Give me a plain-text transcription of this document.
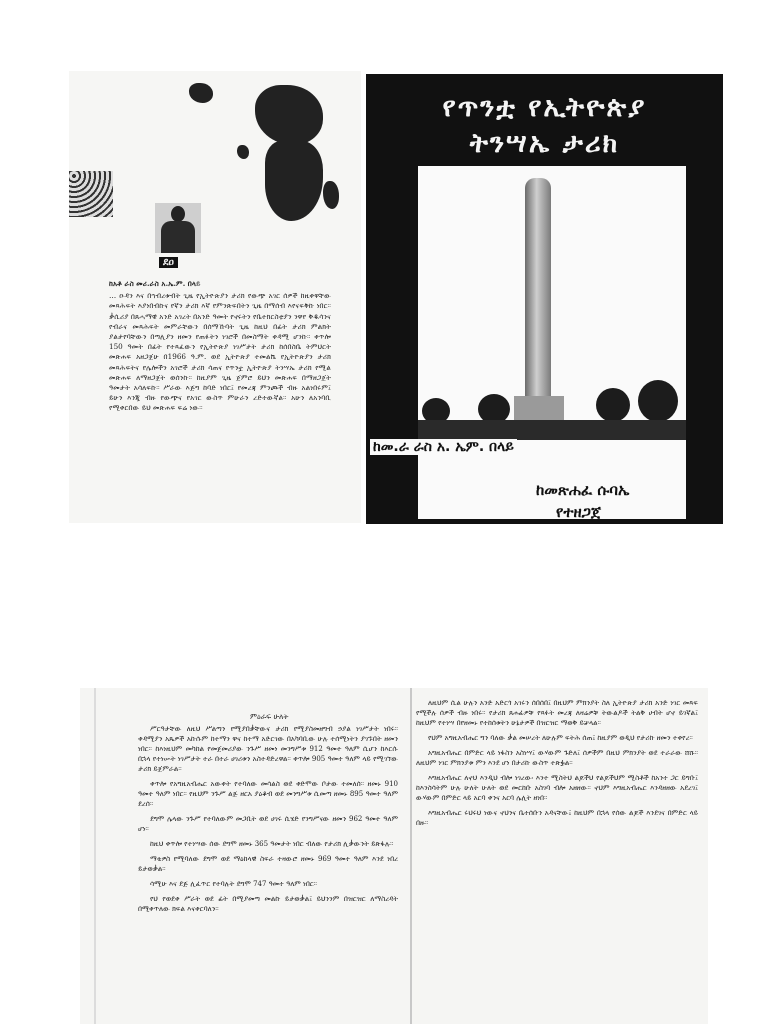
ደዐ

ከአቶ ራስ መሪ.ራስ አ.ኤ.ም. በላይ

… ዑዳን እና በኀብረቱብት ጊዜ የኢትዮጵያን ታሪክ የውጭ አገር ሰዎች ከዚቀዋቸው መጻሕፍት እያነበብኩና የኛን ታሪክ እኛ የምንጽፍበትን ጊዜ በማሰብ እየናፍቅኩ ነበር። ቃሲሪያ በጸሓማዊ አንድ አገረት በአንድ ዓመት የኖሩትን የቤተክርስቲያን ንዋየ ቅዱሳንና የብራና መጻሕፍት መምራቸውን በሰማኹባት ጊዜ ከዚህ በፊት ታሪክ ምልክት ያልታየባቸውን በጣሊያን ዘመን የጠፉትን ነገሮች በመስማት ቀዳሚ ሆንኩ። ቀጥሎ 150 ዓመት በፊት የተጻፈውን የኢትዮጵያ ነገሥታት ታሪክ ከሰበስቤ ትምህርት መጽሐፍ አዘጋጀሁ በ1966 ዓ.ም. ወደ ኢትዮጵያ ተመልሼ የኢትዮጵያን ታሪክ መጻሕፍትና የሌሎችን አገሮች ታሪክ ሳጠና የጥንቷ ኢትዮጵያ ትንሣኤ ታሪክ የሚል መጽሐፍ ለማዘጋጀት ወሰንኩ። ከዚያም ጊዜ ጀምሮ ይህን መጽሐፍ በማዘጋጀት ዓመታት አሳለፍኩ። ሥራው እጅግ ከባድ ነበር፤ የመረጃ ምንጮች ብዙ አልነበሩም፤ ይሁን እንጂ ብዙ የውጭና የአገር ውስጥ ምሁራን ረድተውኛል። አሁን ለአንባቢ የሚቀርበው ይህ መጽሐፍ ፍሬ ነው።

የጥንቷ የኢትዮጵያ
ትንሣኤ ታሪክ
ከመ.ራ ራስ አ. ኤም. በላይ
ከመጽሐፈ ሱባኤ
የተዘጋጀ
ምዕራፍ ሁለት

ሥርዓታቸው ለዚህ ሥልጣን የሚያበቃቸውና ታሪክ የሚያስመዘግብ ኃያል ነገሥታት ነበሩ። ቀዳሚያን አጼዎች አኩሱም ከተማን ዋና ከተማ አድርገው በአካባቢው ሁሉ ተሰሚነትን ያገኙበት ዘመን ነበር። ከእነዚህም መካከል የመጀመሪያው ንጉሥ ዘመነ መንግሥቱ 912 ዓመተ ዓለም ሲሆን ከእርሱ በኋላ የተነሡት ነገሥታት ተራ በተራ ሀገሪቱን አስተዳድረዋል። ቀጥሎ 905 ዓመተ ዓለም ላይ የሚገኘው ታሪክ ይጀምራል።

ቀጥሎ የአግዚአብሔር አውቀት የተባለው መሳልስ ወደ ቀድሞው ቦታው ተመለሰ። ዘመኑ 910 ዓመተ ዓለም ነበር። የዚህም ንጉሥ ልጅ ዘርአ ያዕቆብ ወደ መንግሥቱ ሲመጣ ዘመኑ 895 ዓመተ ዓለም ደረሰ።

ደግሞ ሌላው ንጉሥ የተባለውም መጋቢት ወደ ሀገሩ ሲሄድ የንግሥናው ዘመን 962 ዓመተ ዓለም ሆነ።

ከዚህ ቀጥሎ የተነሣው ሰው ደግሞ ዘመኑ 365 ዓመታት ነበር ብለው የታሪክ ሊቃውንት ይጽፋሉ።

ማቴዎስ የሚባለው ደግሞ ወደ ማዕከላዊ ስፍራ ተዛውሮ ዘመኑ 969 ዓመተ ዓለም እንደ ነበረ ይታወቃል።

ሳሚሁ እና ደጅ ሊፈጥር የተባሉት ደግሞ 747 ዓመተ ዓለም ነበር።

የህ የወደቀ ሥራት ወደ ፊት በሚያመጣ መልኩ ይታወቃል፤ ይህንንም በዝርዝር ለማስረዳት በሚቀጥለው ክፍል እናቀርባለን።

ለዚህም ሲል ሁሉን አንድ አድርጎ አገሩን ሰበሰበ፤ በዚህም ምክንያት ስለ ኢትዮጵያ ታሪክ አንድ ነገር መጻፍ የሚችሉ ሰዎች ብዙ ነበሩ። የታሪክ ጸሐፊዎቹ የጻፉት መረጃ ለዛሬዎቹ ትውልዶች ትልቅ ሀብት ሆኖ ይገኛል፤ ከዚህም የተነሣ በየዘመኑ የተከሰቱትን ሁኔታዎች በዝርዝር ማወቅ ይቻላል።

የህም አግዚአብሔር ግን ባለው ቃል መሠረት ለሁሉም ፍትሕ ሰጠ፤ ከዚያም ወዲህ የታሪኩ ዘመን ተቀየረ።

አግዚአብሔር በምድር ላይ ነፋስን አስነሣ፤ ውሃውም ጉድለ፤ ሰዎችም በዚህ ምክንያት ወደ ተራራው ሸሹ። ለዚህም ነገር ምክንያቱ ምን እንደ ሆነ በታሪኩ ውስጥ ተጽፏል።

እግዚአብሔር ለኖህ እንዲህ ብሎ ነገረው፡ እንተ ሚስትህ ልጆችህ የልጆችህም ሚስቶች ከአንተ ጋር ይግቡ፤ ከእንስሳትም ሁሉ ሁለት ሁለት ወደ መርከቡ አስገባ ብሎ አዘዘው። ኖህም እግዚአብሔር እንዳዘዘው አደረገ፤ ውሃውም በምድር ላይ አርባ ቀንና አርባ ሌሊት ዘነበ።

እግዚአብሔር ሩህሩህ ነውና ኖህንና ቤተሰቡን አዳናቸው፤ ከዚህም በኋላ የሰው ልጆች እንደገና በምድር ላይ በዙ።
